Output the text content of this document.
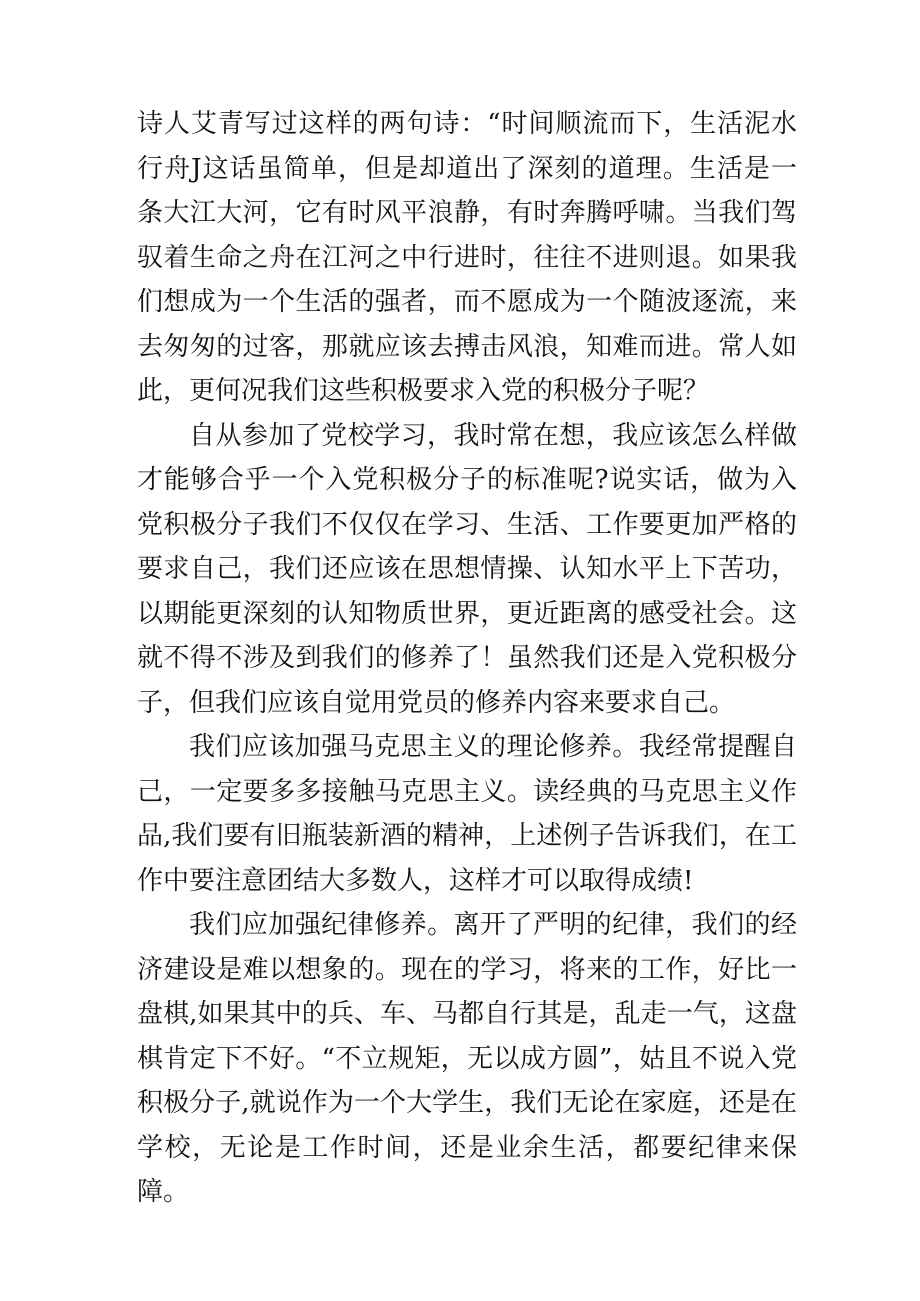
诗人艾青写过这样的两句诗：“时间顺流而下，生活泥水行舟J这话虽简单，但是却道出了深刻的道理。生活是一条大江大河，它有时风平浪静，有时奔腾呼啸。当我们驾驭着生命之舟在江河之中行进时，往往不进则退。如果我们想成为一个生活的强者，而不愿成为一个随波逐流，来去匆匆的过客，那就应该去搏击风浪，知难而进。常人如此，更何况我们这些积极要求入党的积极分子呢？

自从参加了党校学习，我时常在想，我应该怎么样做才能够合乎一个入党积极分子的标准呢?说实话，做为入党积极分子我们不仅仅在学习、生活、工作要更加严格的要求自己，我们还应该在思想情操、认知水平上下苦功，以期能更深刻的认知物质世界，更近距离的感受社会。这就不得不涉及到我们的修养了！虽然我们还是入党积极分子，但我们应该自觉用党员的修养内容来要求自己。

我们应该加强马克思主义的理论修养。我经常提醒自己，一定要多多接触马克思主义。读经典的马克思主义作品,我们要有旧瓶装新酒的精神，上述例子告诉我们，在工作中要注意团结大多数人，这样才可以取得成绩!

我们应加强纪律修养。离开了严明的纪律，我们的经济建设是难以想象的。现在的学习，将来的工作，好比一盘棋,如果其中的兵、车、马都自行其是，乱走一气，这盘棋肯定下不好。“不立规矩，无以成方圆”，姑且不说入党积极分子,就说作为一个大学生，我们无论在家庭，还是在学校，无论是工作时间，还是业余生活，都要纪律来保障。
